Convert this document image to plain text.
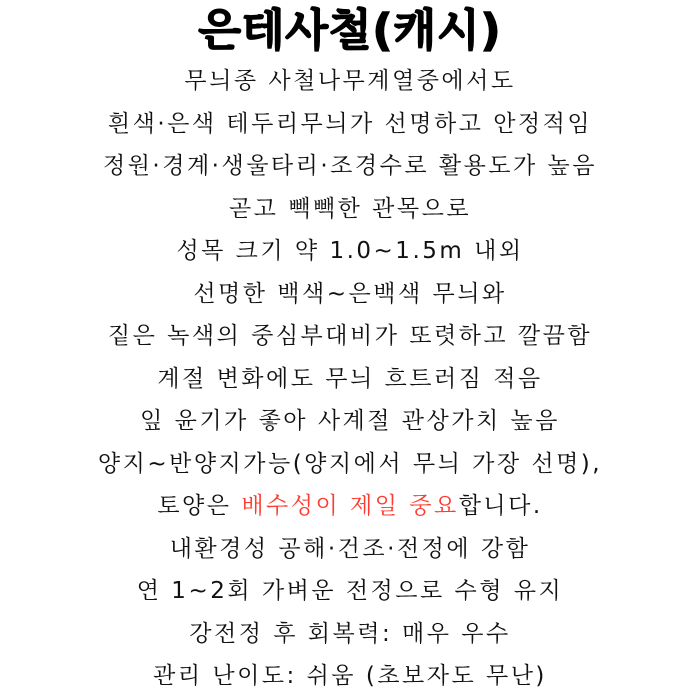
은테사철(캐시)
무늬종 사철나무계열중에서도
흰색·은색 테두리무늬가 선명하고 안정적임
정원·경계·생울타리·조경수로 활용도가 높음
곧고 빽빽한 관목으로
성목 크기 약 1.0~1.5m 내외
선명한 백색~은백색 무늬와
짙은 녹색의 중심부대비가 또렷하고 깔끔함
계절 변화에도 무늬 흐트러짐 적음
잎 윤기가 좋아 사계절 관상가치 높음
양지~반양지가능(양지에서 무늬 가장 선명),
토양은 배수성이 제일 중요합니다.
내환경성 공해·건조·전정에 강함
연 1~2회 가벼운 전정으로 수형 유지
강전정 후 회복력: 매우 우수
관리 난이도: 쉬움 (초보자도 무난)
